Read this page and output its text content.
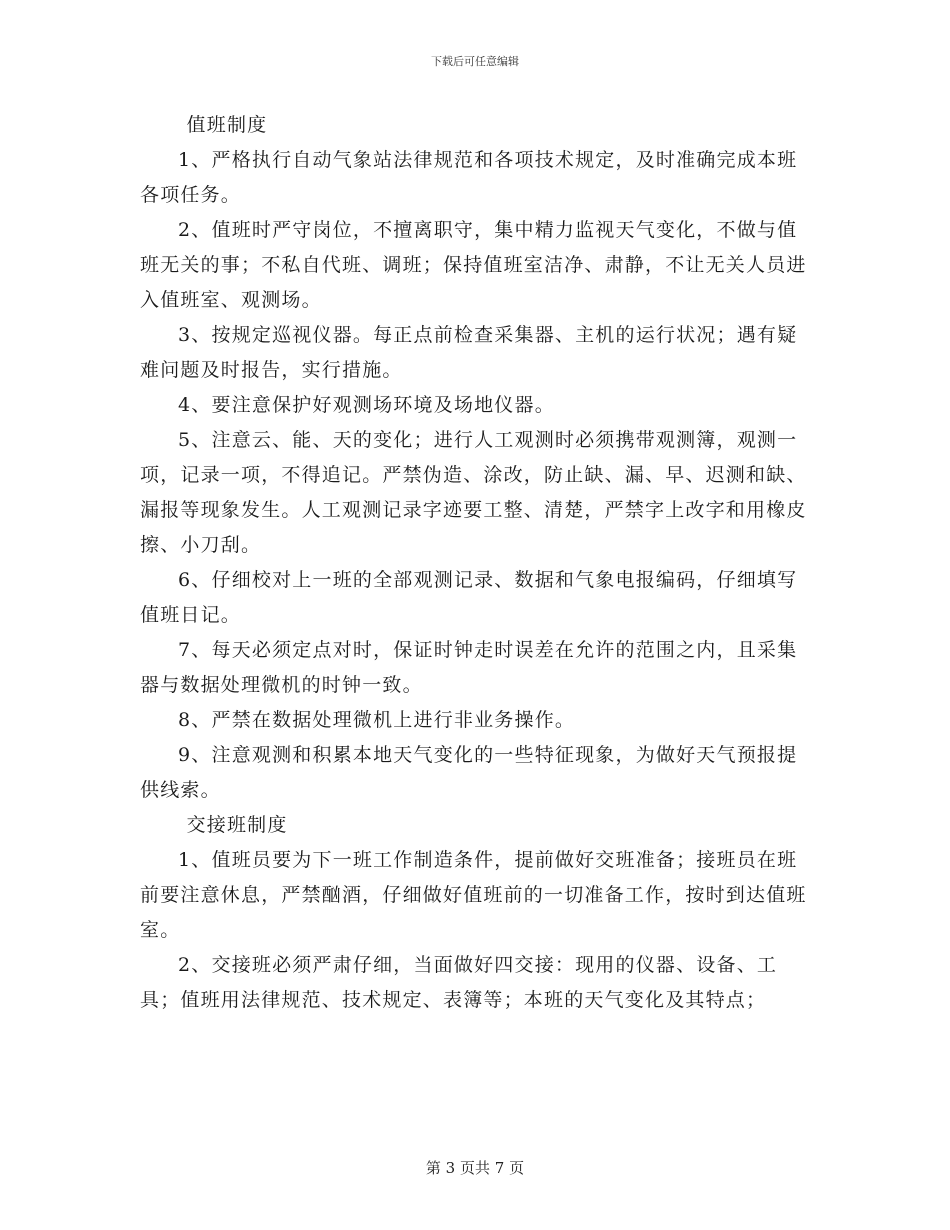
下载后可任意编辑

值班制度

1、严格执行自动气象站法律规范和各项技术规定，及时准确完成本班各项任务。

2、值班时严守岗位，不擅离职守，集中精力监视天气变化，不做与值班无关的事；不私自代班、调班；保持值班室洁净、肃静，不让无关人员进入值班室、观测场。

3、按规定巡视仪器。每正点前检查采集器、主机的运行状况；遇有疑难问题及时报告，实行措施。

4、要注意保护好观测场环境及场地仪器。

5、注意云、能、天的变化；进行人工观测时必须携带观测簿，观测一项，记录一项，不得追记。严禁伪造、涂改，防止缺、漏、早、迟测和缺、漏报等现象发生。人工观测记录字迹要工整、清楚，严禁字上改字和用橡皮擦、小刀刮。

6、仔细校对上一班的全部观测记录、数据和气象电报编码，仔细填写值班日记。

7、每天必须定点对时，保证时钟走时误差在允许的范围之内，且采集器与数据处理微机的时钟一致。

8、严禁在数据处理微机上进行非业务操作。

9、注意观测和积累本地天气变化的一些特征现象，为做好天气预报提供线索。

交接班制度

1、值班员要为下一班工作制造条件，提前做好交班准备；接班员在班前要注意休息，严禁酗酒，仔细做好值班前的一切准备工作，按时到达值班室。

2、交接班必须严肃仔细，当面做好四交接：现用的仪器、设备、工具；值班用法律规范、技术规定、表簿等；本班的天气变化及其特点；

第 3 页共 7 页
